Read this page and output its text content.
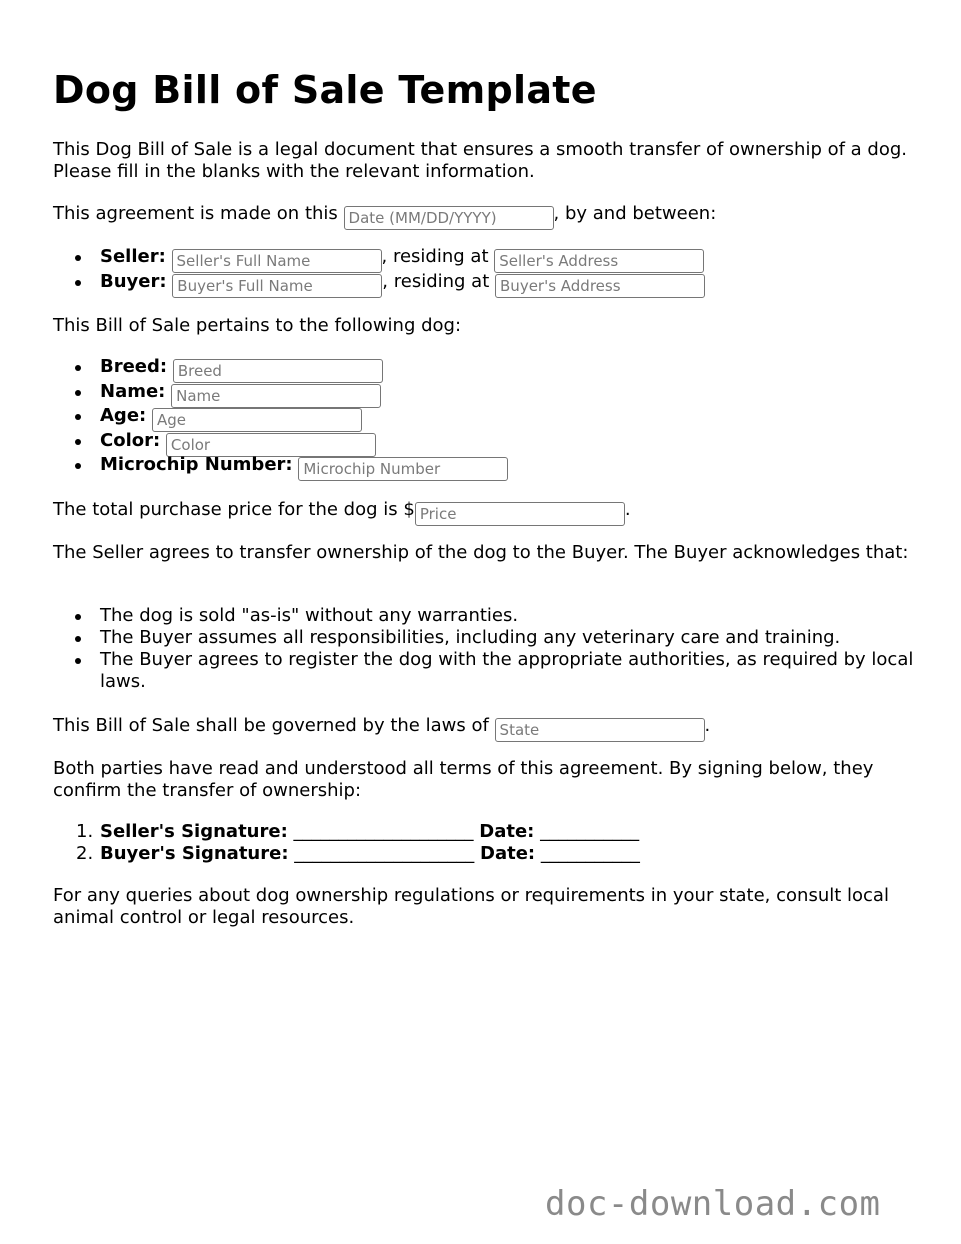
Dog Bill of Sale Template

This Dog Bill of Sale is a legal document that ensures a smooth transfer of ownership of a dog. Please fill in the blanks with the relevant information.

This agreement is made on this Date (MM/DD/YYYY)	, by and between:

Seller: Seller's Full Name	, residing at Seller's Address
Buyer: Buyer's Full Name	, residing at Buyer's Address

This Bill of Sale pertains to the following dog:

Breed: Breed
Name: Name
Age: Age
Color: Color
Microchip Number: Microchip Number

The total purchase price for the dog is $Price	.

The Seller agrees to transfer ownership of the dog to the Buyer. The Buyer acknowledges that:

The dog is sold "as-is" without any warranties.
The Buyer assumes all responsibilities, including any veterinary care and training.
The Buyer agrees to register the dog with the appropriate authorities, as required by local laws.

This Bill of Sale shall be governed by the laws of State	.

Both parties have read and understood all terms of this agreement. By signing below, they confirm the transfer of ownership:

1. Seller's Signature: ____________________ Date: ___________
2. Buyer's Signature: ____________________ Date: ___________

For any queries about dog ownership regulations or requirements in your state, consult local animal control or legal resources.

doc-download.com
